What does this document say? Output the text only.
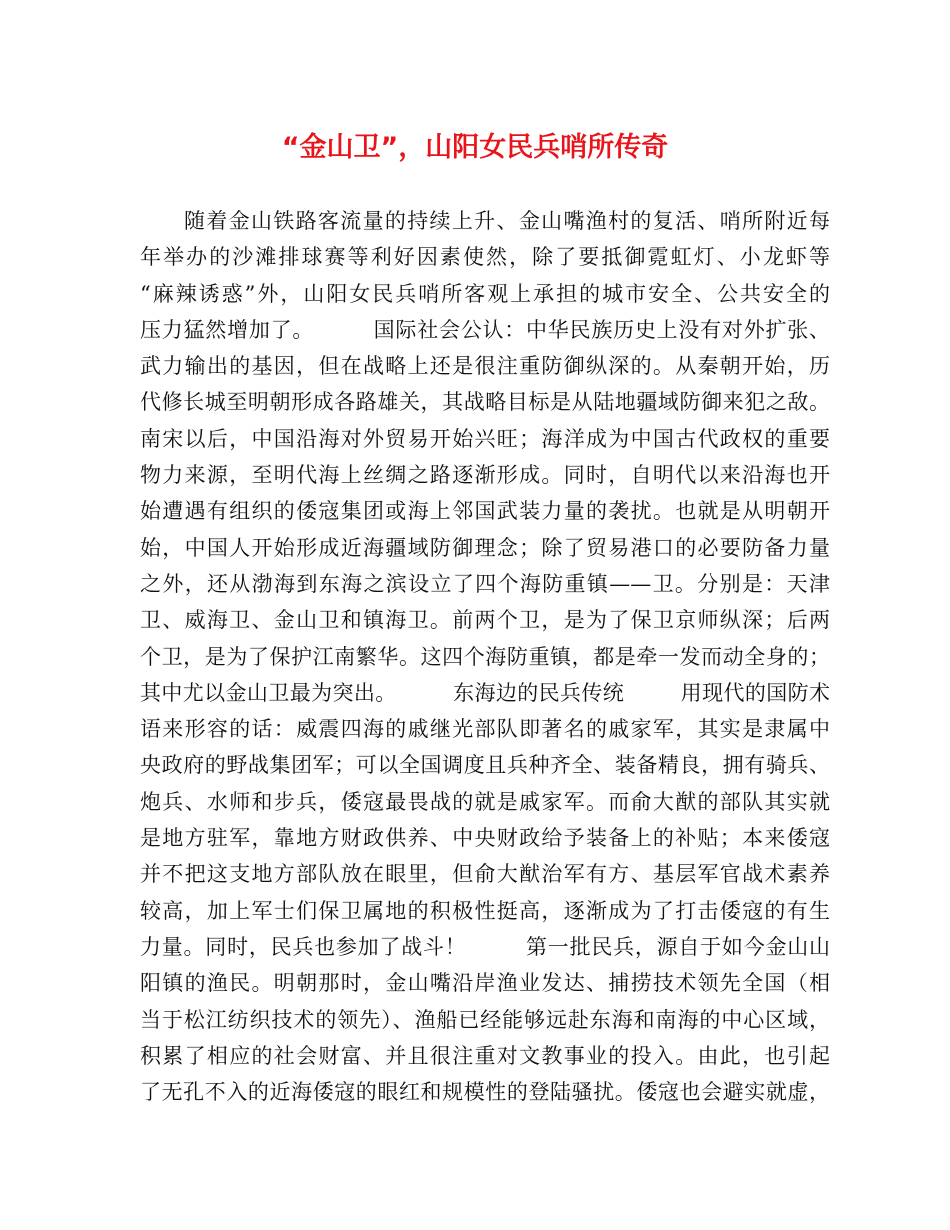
“金山卫”，山阳女民兵哨所传奇
随着金山铁路客流量的持续上升、金山嘴渔村的复活、哨所附近每
年举办的沙滩排球赛等利好因素使然，除了要抵御霓虹灯、小龙虾等
“麻辣诱惑”外，山阳女民兵哨所客观上承担的城市安全、公共安全的
压力猛然增加了。        国际社会公认：中华民族历史上没有对外扩张、
武力输出的基因，但在战略上还是很注重防御纵深的。从秦朝开始，历
代修长城至明朝形成各路雄关，其战略目标是从陆地疆域防御来犯之敌。
南宋以后，中国沿海对外贸易开始兴旺；海洋成为中国古代政权的重要
物力来源，至明代海上丝绸之路逐渐形成。同时，自明代以来沿海也开
始遭遇有组织的倭寇集团或海上邻国武装力量的袭扰。也就是从明朝开
始，中国人开始形成近海疆域防御理念；除了贸易港口的必要防备力量
之外，还从渤海到东海之滨设立了四个海防重镇——卫。分别是：天津
卫、威海卫、金山卫和镇海卫。前两个卫，是为了保卫京师纵深；后两
个卫，是为了保护江南繁华。这四个海防重镇，都是牵一发而动全身的；
其中尤以金山卫最为突出。        东海边的民兵传统        用现代的国防术
语来形容的话：威震四海的戚继光部队即著名的戚家军，其实是隶属中
央政府的野战集团军；可以全国调度且兵种齐全、装备精良，拥有骑兵、
炮兵、水师和步兵，倭寇最畏战的就是戚家军。而俞大猷的部队其实就
是地方驻军，靠地方财政供养、中央财政给予装备上的补贴；本来倭寇
并不把这支地方部队放在眼里，但俞大猷治军有方、基层军官战术素养
较高，加上军士们保卫属地的积极性挺高，逐渐成为了打击倭寇的有生
力量。同时，民兵也参加了战斗！        第一批民兵，源自于如今金山山
阳镇的渔民。明朝那时，金山嘴沿岸渔业发达、捕捞技术领先全国（相
当于松江纺织技术的领先）、渔船已经能够远赴东海和南海的中心区域，
积累了相应的社会财富、并且很注重对文教事业的投入。由此，也引起
了无孔不入的近海倭寇的眼红和规模性的登陆骚扰。倭寇也会避实就虚，
